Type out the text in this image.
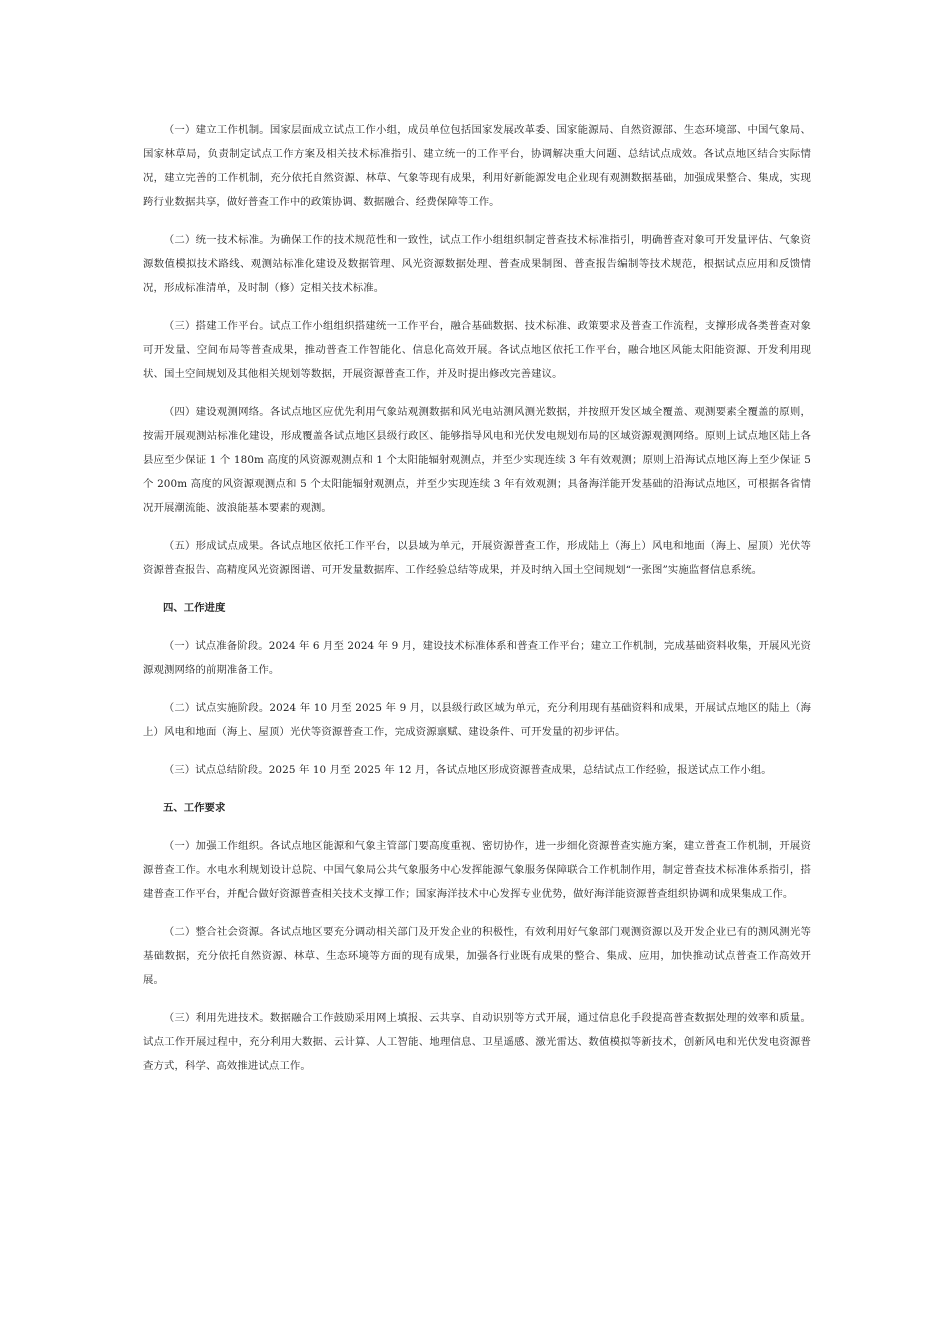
（一）建立工作机制。国家层面成立试点工作小组，成员单位包括国家发展改革委、国家能源局、自然资源部、生态环境部、中国气象局、国家林草局，负责制定试点工作方案及相关技术标准指引、建立统一的工作平台，协调解决重大问题、总结试点成效。各试点地区结合实际情况，建立完善的工作机制，充分依托自然资源、林草、气象等现有成果，利用好新能源发电企业现有观测数据基础，加强成果整合、集成，实现跨行业数据共享，做好普查工作中的政策协调、数据融合、经费保障等工作。

（二）统一技术标准。为确保工作的技术规范性和一致性，试点工作小组组织制定普查技术标准指引，明确普查对象可开发量评估、气象资源数值模拟技术路线、观测站标准化建设及数据管理、风光资源数据处理、普查成果制图、普查报告编制等技术规范，根据试点应用和反馈情况，形成标准清单，及时制（修）定相关技术标准。

（三）搭建工作平台。试点工作小组组织搭建统一工作平台，融合基础数据、技术标准、政策要求及普查工作流程，支撑形成各类普查对象可开发量、空间布局等普查成果，推动普查工作智能化、信息化高效开展。各试点地区依托工作平台，融合地区风能太阳能资源、开发利用现状、国土空间规划及其他相关规划等数据，开展资源普查工作，并及时提出修改完善建议。

（四）建设观测网络。各试点地区应优先利用气象站观测数据和风光电站测风测光数据，并按照开发区域全覆盖、观测要素全覆盖的原则，按需开展观测站标准化建设，形成覆盖各试点地区县级行政区、能够指导风电和光伏发电规划布局的区域资源观测网络。原则上试点地区陆上各县应至少保证 1 个 180m 高度的风资源观测点和 1 个太阳能辐射观测点，并至少实现连续 3 年有效观测；原则上沿海试点地区海上至少保证 5 个 200m 高度的风资源观测点和 5 个太阳能辐射观测点，并至少实现连续 3 年有效观测；具备海洋能开发基础的沿海试点地区，可根据各省情况开展潮流能、波浪能基本要素的观测。

（五）形成试点成果。各试点地区依托工作平台，以县域为单元，开展资源普查工作，形成陆上（海上）风电和地面（海上、屋顶）光伏等资源普查报告、高精度风光资源图谱、可开发量数据库、工作经验总结等成果，并及时纳入国土空间规划“一张图”实施监督信息系统。

四、工作进度

（一）试点准备阶段。2024 年 6 月至 2024 年 9 月，建设技术标准体系和普查工作平台；建立工作机制，完成基础资料收集，开展风光资源观测网络的前期准备工作。

（二）试点实施阶段。2024 年 10 月至 2025 年 9 月，以县级行政区域为单元，充分利用现有基础资料和成果，开展试点地区的陆上（海上）风电和地面（海上、屋顶）光伏等资源普查工作，完成资源禀赋、建设条件、可开发量的初步评估。

（三）试点总结阶段。2025 年 10 月至 2025 年 12 月，各试点地区形成资源普查成果，总结试点工作经验，报送试点工作小组。

五、工作要求

（一）加强工作组织。各试点地区能源和气象主管部门要高度重视、密切协作，进一步细化资源普查实施方案，建立普查工作机制，开展资源普查工作。水电水利规划设计总院、中国气象局公共气象服务中心发挥能源气象服务保障联合工作机制作用，制定普查技术标准体系指引，搭建普查工作平台，并配合做好资源普查相关技术支撑工作；国家海洋技术中心发挥专业优势，做好海洋能资源普查组织协调和成果集成工作。

（二）整合社会资源。各试点地区要充分调动相关部门及开发企业的积极性，有效利用好气象部门观测资源以及开发企业已有的测风测光等基础数据，充分依托自然资源、林草、生态环境等方面的现有成果，加强各行业既有成果的整合、集成、应用，加快推动试点普查工作高效开展。

（三）利用先进技术。数据融合工作鼓励采用网上填报、云共享、自动识别等方式开展，通过信息化手段提高普查数据处理的效率和质量。试点工作开展过程中，充分利用大数据、云计算、人工智能、地理信息、卫星遥感、激光雷达、数值模拟等新技术，创新风电和光伏发电资源普查方式，科学、高效推进试点工作。
